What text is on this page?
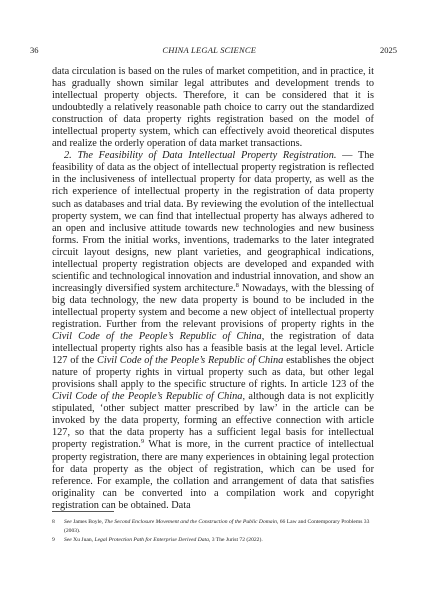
36	CHINA LEGAL SCIENCE	2025

data circulation is based on the rules of market competition, and in practice, it has gradually shown similar legal attributes and development trends to intellectual property objects. Therefore, it can be considered that it is undoubtedly a relatively reasonable path choice to carry out the standardized construction of data property rights registration based on the model of intellectual property system, which can effectively avoid theoretical disputes and realize the orderly operation of data market transactions.

2. The Feasibility of Data Intellectual Property Registration. — The feasibility of data as the object of intellectual property registration is reflected in the inclusiveness of intellectual property for data property, as well as the rich experience of intellectual property in the registration of data property such as databases and trial data. By reviewing the evolution of the intellectual property system, we can find that intellectual property has always adhered to an open and inclusive attitude towards new technologies and new business forms. From the initial works, inventions, trademarks to the later integrated circuit layout designs, new plant varieties, and geographical indications, intellectual property registration objects are developed and expanded with scientific and technological innovation and industrial innovation, and show an increasingly diversified system architecture.$^8$ Nowadays, with the blessing of big data technology, the new data property is bound to be included in the intellectual property system and become a new object of intellectual property registration. Further from the relevant provisions of property rights in the Civil Code of the People’s Republic of China, the registration of data intellectual property rights also has a feasible basis at the legal level. Article 127 of the Civil Code of the People’s Republic of China establishes the object nature of property rights in virtual property such as data, but other legal provisions shall apply to the specific structure of rights. In article 123 of the Civil Code of the People’s Republic of China, although data is not explicitly stipulated, ‘other subject matter prescribed by law’ in the article can be invoked by the data property, forming an effective connection with article 127, so that the data property has a sufficient legal basis for intellectual property registration.$^9$ What is more, in the current practice of intellectual property registration, there are many experiences in obtaining legal protection for data property as the object of registration, which can be used for reference. For example, the collation and arrangement of data that satisfies originality can be converted into a compilation work and copyright registration can be obtained. Data

8	See James Boyle, The Second Enclosure Movement and the Construction of the Public Domain, 66 Law and Contemporary Problems 33 (2003).
9	See Xu Juan, Legal Protection Path for Enterprise Derived Data, 3 The Jurist 72 (2022).
